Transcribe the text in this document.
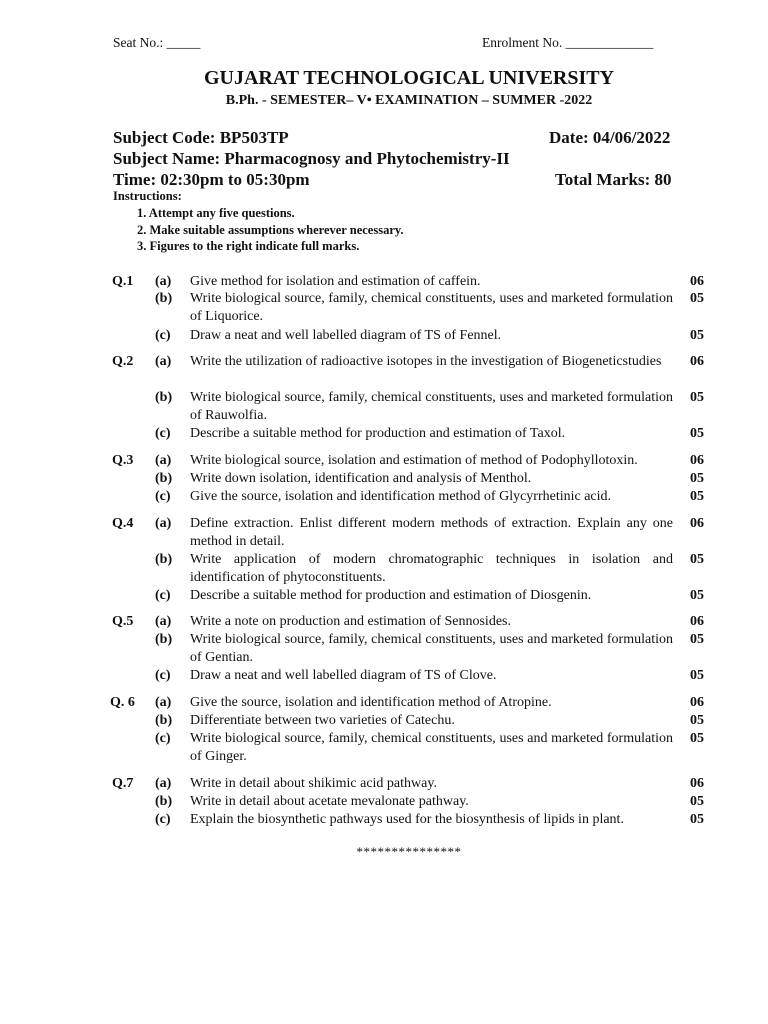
Seat No.: _____	Enrolment No. _____________
GUJARAT TECHNOLOGICAL UNIVERSITY
B.Ph. - SEMESTER– V• EXAMINATION – SUMMER -2022
Subject Code: BP503TP	Date: 04/06/2022
Subject Name: Pharmacognosy and Phytochemistry-II
Time: 02:30pm to 05:30pm	Total Marks: 80
Instructions:
1. Attempt any five questions.
2. Make suitable assumptions wherever necessary.
3. Figures to the right indicate full marks.
Q.1 (a) Give method for isolation and estimation of caffein.	06
(b) Write biological source, family, chemical constituents, uses and marketed formulation of Liquorice.
05
(c) Draw a neat and well labelled diagram of TS of Fennel.	05
Q.2 (a) Write the utilization of radioactive isotopes in the investigation of Biogeneticstudies	06
(b) Write biological source, family, chemical constituents, uses and marketed formulation of Rauwolfia.
05
(c) Describe a suitable method for production and estimation of Taxol.	05
Q.3 (a) Write biological source, isolation and estimation of method of Podophyllotoxin.	06
(b) Write down isolation, identification and analysis of Menthol.	05
(c) Give the source, isolation and identification method of Glycyrrhetinic acid.	05
Q.4 (a) Define extraction. Enlist different modern methods of extraction. Explain any one method in detail.
06
(b) Write application of modern chromatographic techniques in isolation and identification of phytoconstituents.
05
(c) Describe a suitable method for production and estimation of Diosgenin.	05
Q.5 (a) Write a note on production and estimation of Sennosides.	06
(b) Write biological source, family, chemical constituents, uses and marketed formulation of Gentian.
05
(c) Draw a neat and well labelled diagram of TS of Clove.	05
Q. 6 (a) Give the source, isolation and identification method of Atropine.	06
(b) Differentiate between two varieties of Catechu.	05
(c) Write biological source, family, chemical constituents, uses and marketed formulation of Ginger.
05
Q.7 (a) Write in detail about shikimic acid pathway.	06
(b) Write in detail about acetate mevalonate pathway.	05
(c) Explain the biosynthetic pathways used for the biosynthesis of lipids in plant.	05
***************
